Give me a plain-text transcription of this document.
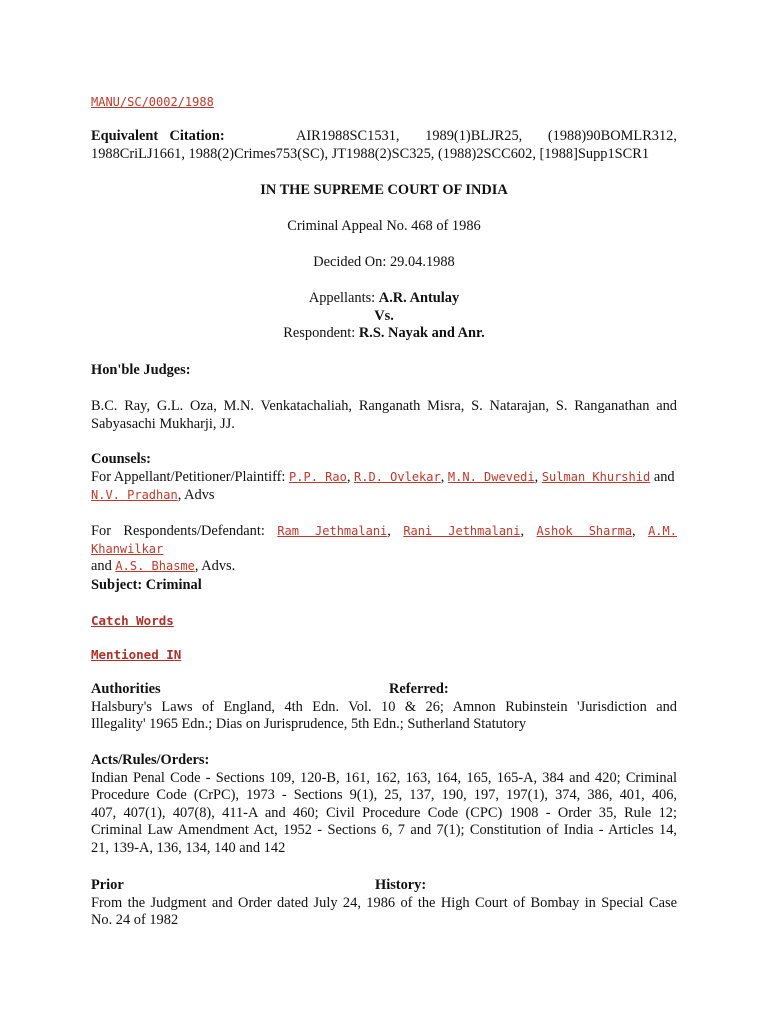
MANU/SC/0002/1988
Equivalent Citation:	AIR1988SC1531, 1989(1)BLJR25, (1988)90BOMLR312,
1988CriLJ1661, 1988(2)Crimes753(SC), JT1988(2)SC325, (1988)2SCC602, [1988]Supp1SCR1
IN THE SUPREME COURT OF INDIA
Criminal Appeal No. 468 of 1986
Decided On: 29.04.1988
Appellants: A.R. Antulay
Vs.
Respondent: R.S. Nayak and Anr.
Hon'ble Judges:
B.C. Ray, G.L. Oza, M.N. Venkatachaliah, Ranganath Misra, S. Natarajan, S. Ranganathan and
Sabyasachi Mukharji, JJ.
Counsels:
For Appellant/Petitioner/Plaintiff: P.P. Rao, R.D. Ovlekar, M.N. Dwevedi, Sulman Khurshid and
N.V. Pradhan, Advs
For Respondents/Defendant: Ram Jethmalani, Rani Jethmalani, Ashok Sharma, A.M. Khanwilkar
and A.S. Bhasme, Advs.
Subject: Criminal
Catch Words
Mentioned IN
Authorities	Referred:
Halsbury's Laws of England, 4th Edn. Vol. 10 & 26; Amnon Rubinstein 'Jurisdiction and
Illegality' 1965 Edn.; Dias on Jurisprudence, 5th Edn.; Sutherland Statutory
Acts/Rules/Orders:
Indian Penal Code - Sections 109, 120-B, 161, 162, 163, 164, 165, 165-A, 384 and 420; Criminal
Procedure Code (CrPC), 1973 - Sections 9(1), 25, 137, 190, 197, 197(1), 374, 386, 401, 406,
407, 407(1), 407(8), 411-A and 460; Civil Procedure Code (CPC) 1908 - Order 35, Rule 12;
Criminal Law Amendment Act, 1952 - Sections 6, 7 and 7(1); Constitution of India - Articles 14,
21, 139-A, 136, 134, 140 and 142
Prior	History:
From the Judgment and Order dated July 24, 1986 of the High Court of Bombay in Special Case
No. 24 of 1982
